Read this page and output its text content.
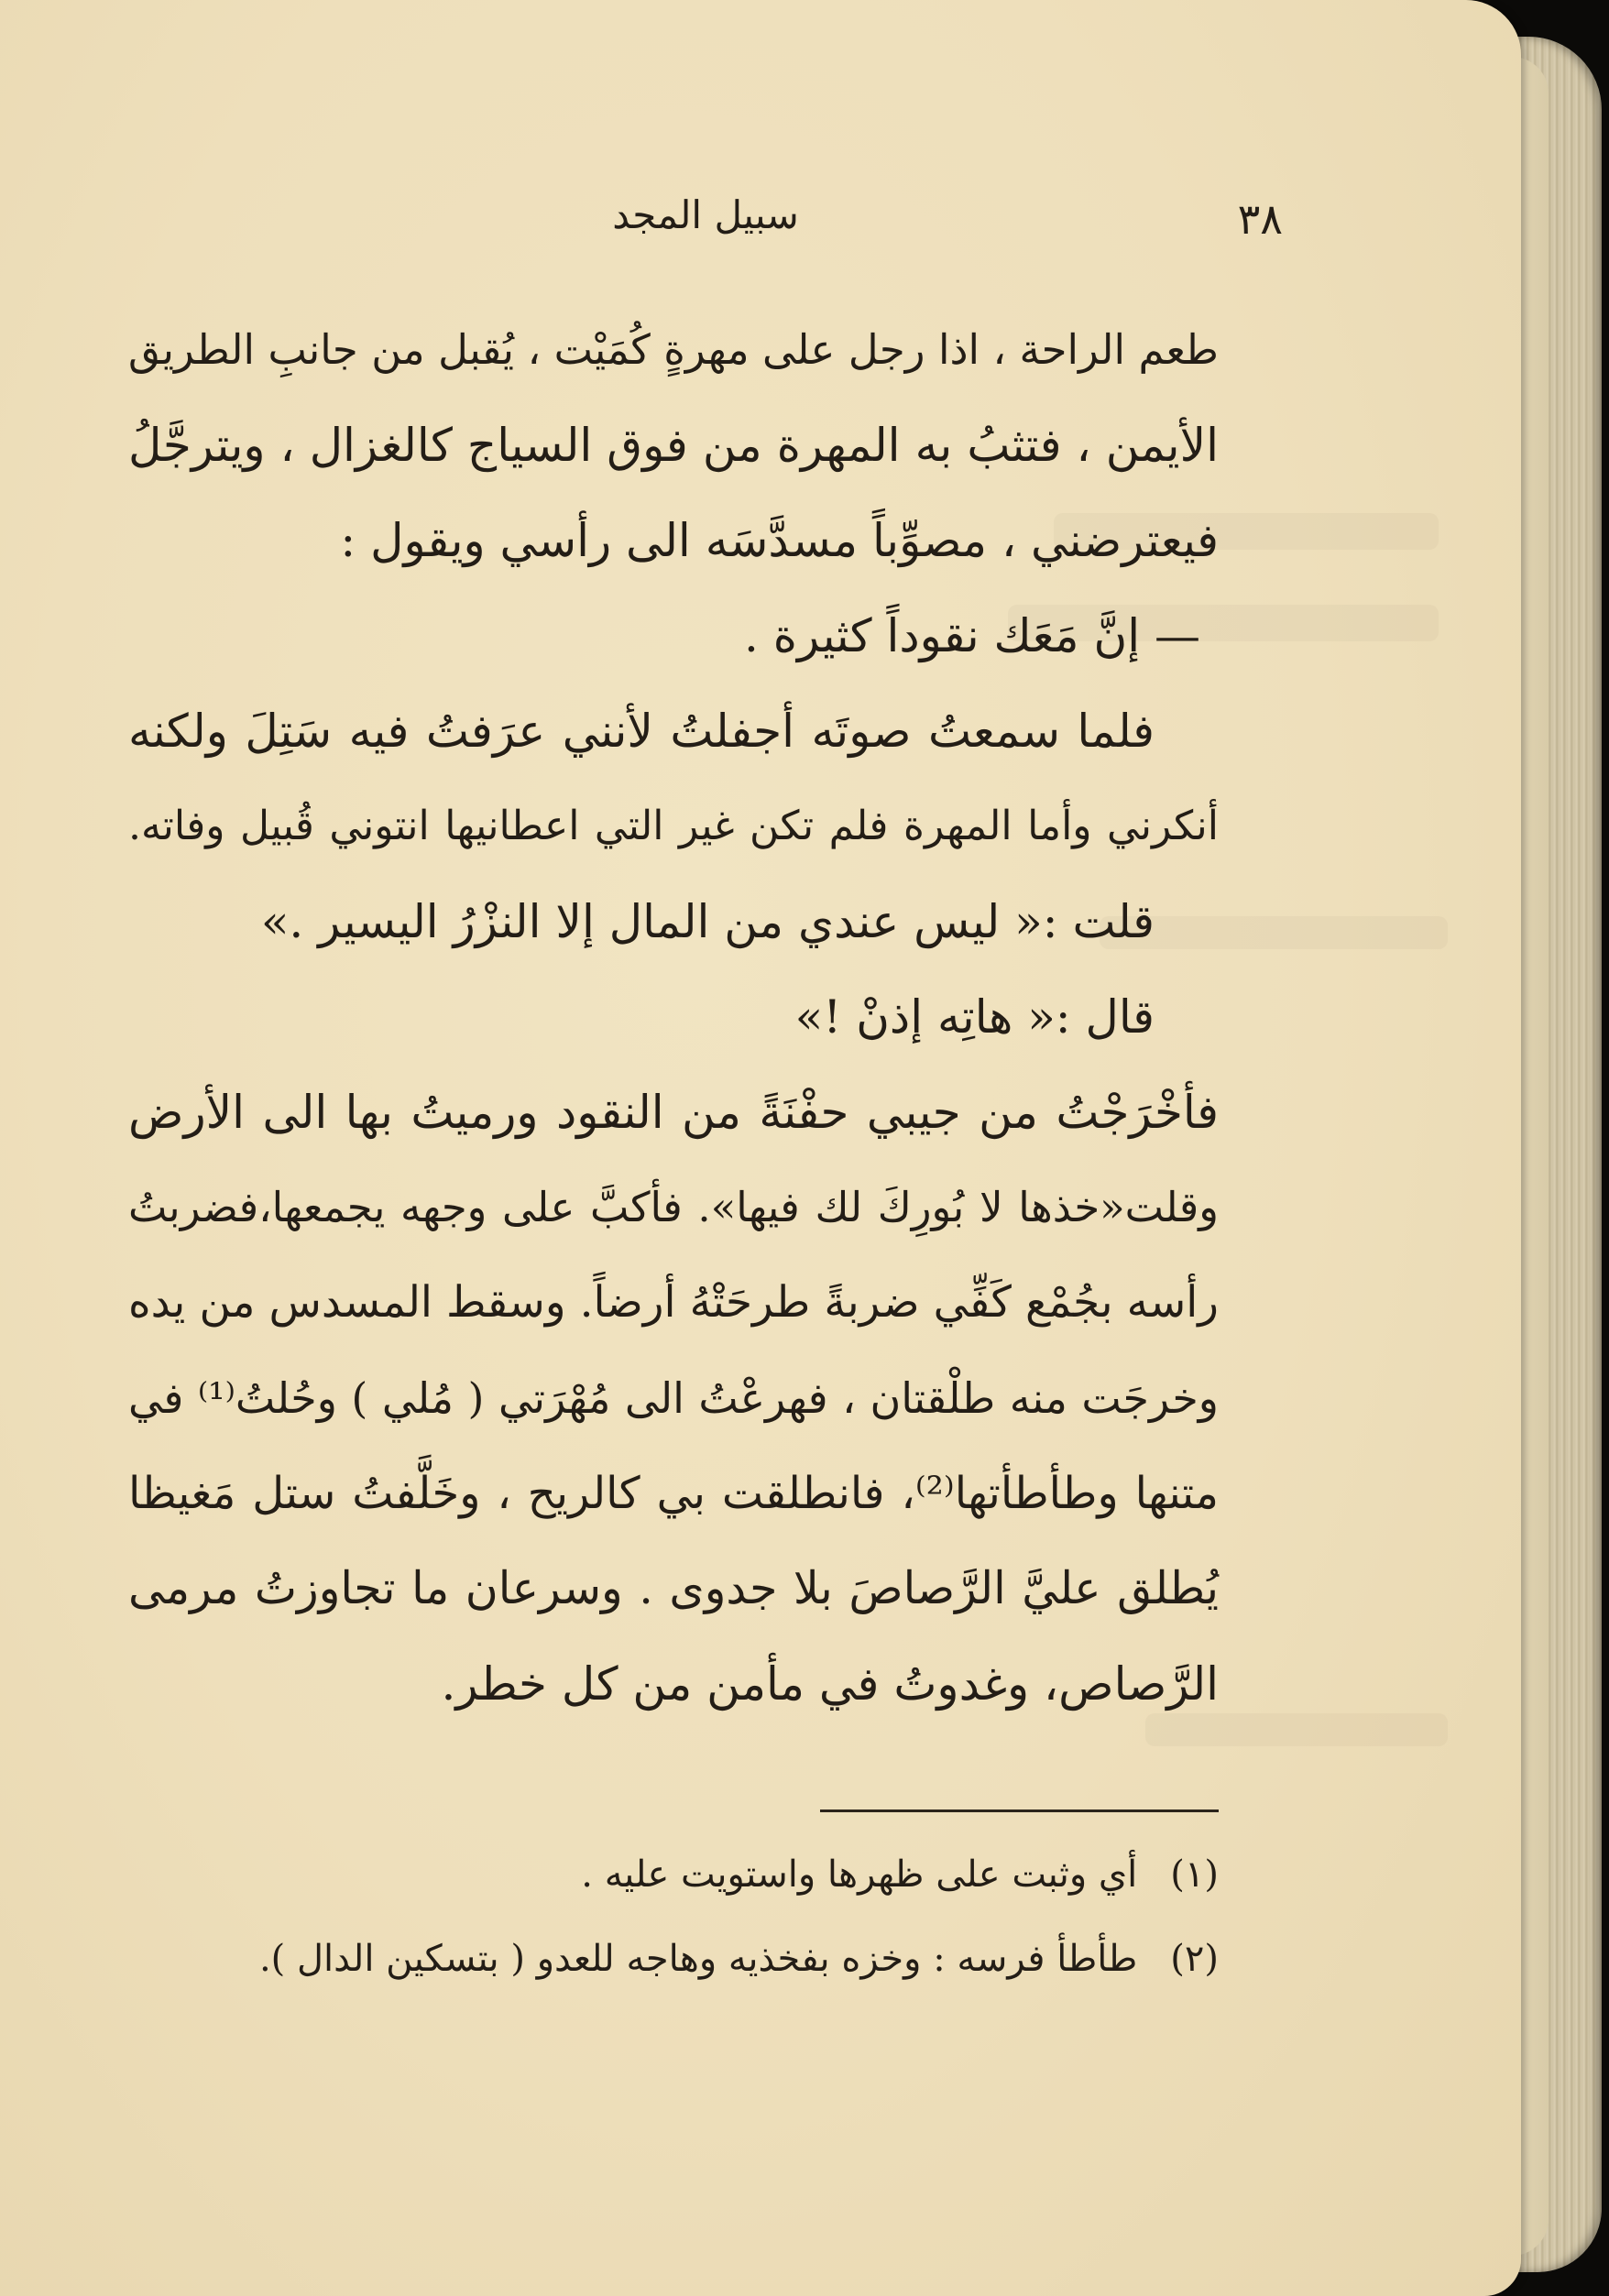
سبيل المجد	٣٨
طعم الراحة ، اذا رجل على مهرةٍ كُمَيْت ، يُقبل من جانبِ الطريق
الأيمن ، فتثبُ به المهرة من فوق السياج كالغزال ، ويترجَّلُ
فيعترضني ، مصوِّباً مسدَّسَه الى رأسي ويقول :
— إنَّ مَعَك نقوداً كثيرة .
فلما سمعتُ صوتَه أجفلتُ لأنني عرَفتُ فيه سَتِلَ ولكنه
أنكرني وأما المهرة فلم تكن غير التي اعطانيها انتوني قُبيل وفاته.
قلت :« ليس عندي من المال إلا النزْرُ اليسير .»
قال :« هاتِه إذنْ !»
فأخْرَجْتُ من جيبي حفْنَةً من النقود ورميتُ بها الى الأرض
وقلت«خذها لا بُورِكَ لك فيها». فأكبَّ على وجهه يجمعها،فضربتُ
رأسه بجُمْع كَفِّي ضربةً طرحَتْهُ أرضاً. وسقط المسدس من يده
وخرجَت منه طلْقتان ، فهرعْتُ الى مُهْرَتي ( مُلي ) وحُلتُ⁽¹⁾ في
متنها وطأطأتها⁽²⁾، فانطلقت بي كالريح ، وخَلَّفتُ ستل مَغيظا
يُطلق عليَّ الرَّصاصَ بلا جدوى . وسرعان ما تجاوزتُ مرمى
الرَّصاص، وغدوتُ في مأمن من كل خطر.
(١)أي وثبت على ظهرها واستويت عليه .
(٢)طأطأ فرسه : وخزه بفخذيه وهاجه للعدو ( بتسكين الدال ).
